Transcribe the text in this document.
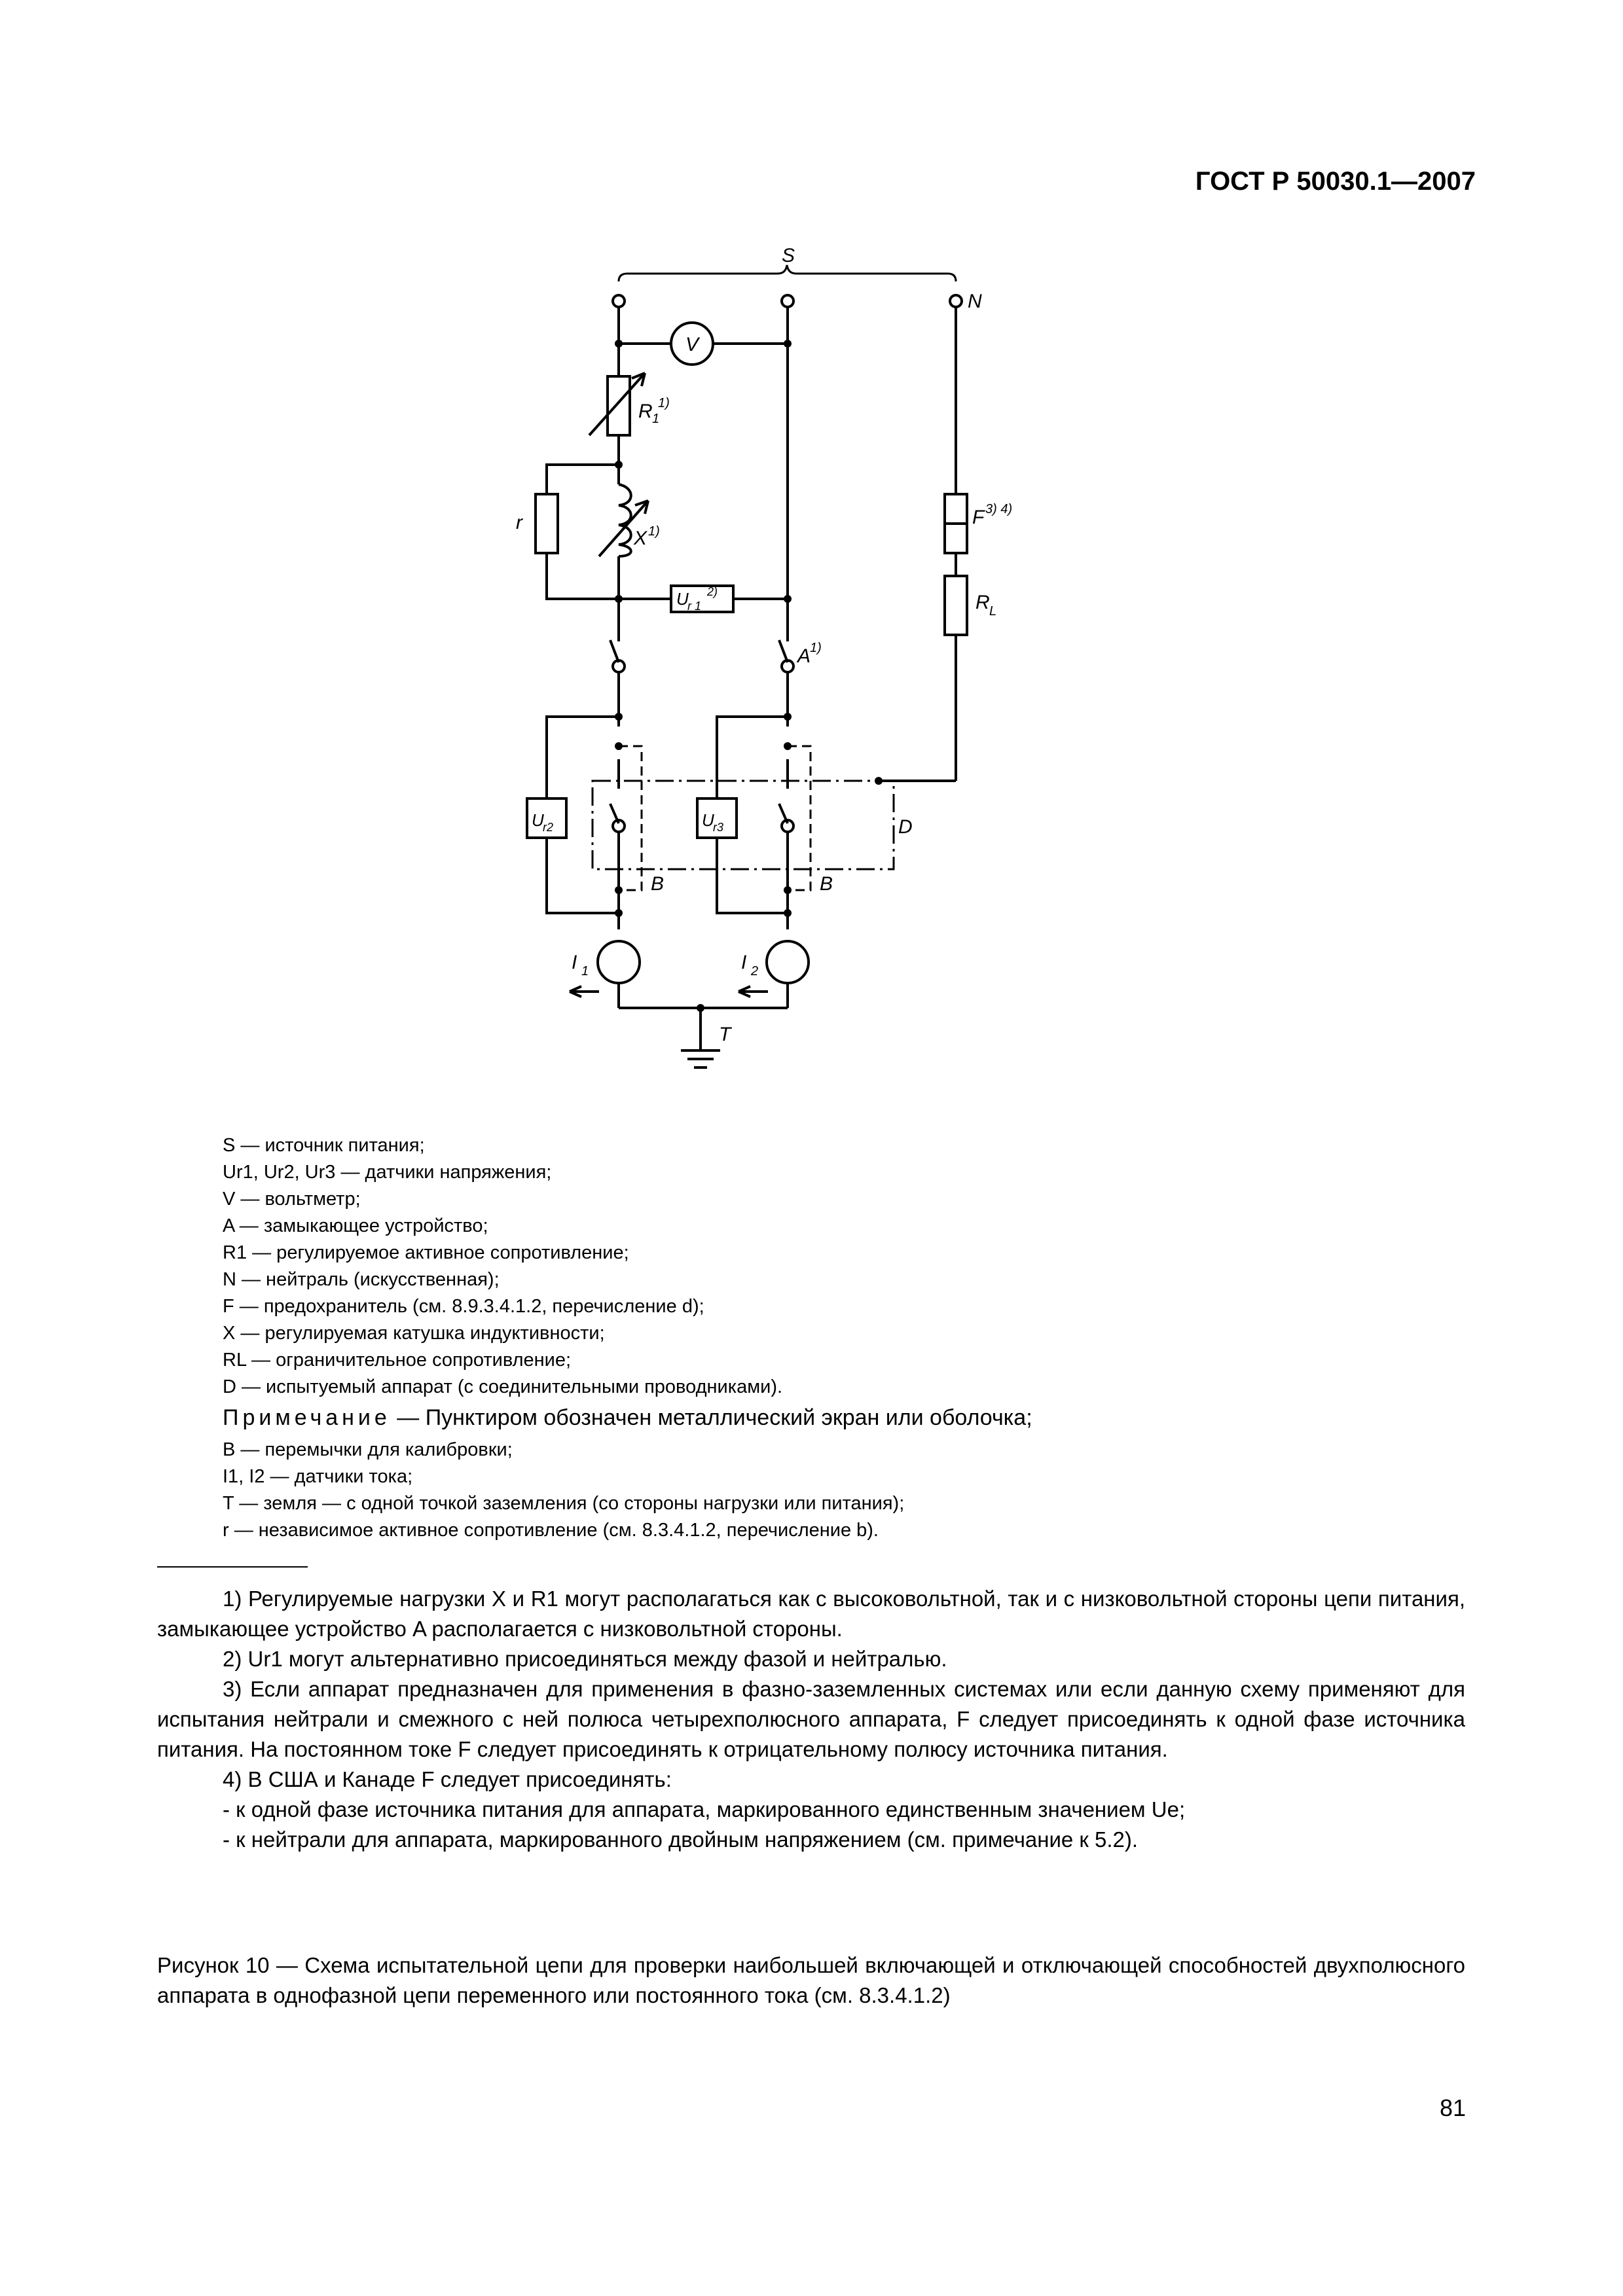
ГОСТ Р 50030.1—2007
S
N
V
R 1
1)
r
X 1)
U
r 1
2)
F 3) 4)
R L
A
1)
U
r2	U
r3	D
B	B
I 1	I 2
T
S — источник питания;
Ur1, Ur2, Ur3 — датчики напряжения;
V — вольтметр;
A — замыкающее устройство;
R1 — регулируемое активное сопротивление;
N — нейтраль (искусственная);
F — предохранитель (см. 8.9.3.4.1.2, перечисление d);
X — регулируемая катушка индуктивности;
RL — ограничительное сопротивление;
D — испытуемый аппарат (с соединительными проводниками).
Примечание — Пунктиром обозначен металлический экран или оболочка;
B — перемычки для калибровки;
I1, I2 — датчики тока;
T — земля — с одной точкой заземления (со стороны нагрузки или питания);
r — независимое активное сопротивление (см. 8.3.4.1.2, перечисление b).

1) Регулируемые нагрузки X и R1 могут располагаться как с высоковольтной, так и с низковольтной стороны цепи питания, замыкающее устройство A располагается с низковольтной стороны.

2) Ur1 могут альтернативно присоединяться между фазой и нейтралью.

3) Если аппарат предназначен для применения в фазно-заземленных системах или если данную схему применяют для испытания нейтрали и смежного с ней полюса четырехполюсного аппарата, F следует присоединять к одной фазе источника питания. На постоянном токе F следует присоединять к отрицательному полюсу источника питания.

4) В США и Канаде F следует присоединять:

- к одной фазе источника питания для аппарата, маркированного единственным значением Ue;

- к нейтрали для аппарата, маркированного двойным напряжением (см. примечание к 5.2).

Рисунок 10 — Схема испытательной цепи для проверки наибольшей включающей и отключающей способностей двухполюсного аппарата в однофазной цепи переменного или постоянного тока (см. 8.3.4.1.2)
81
